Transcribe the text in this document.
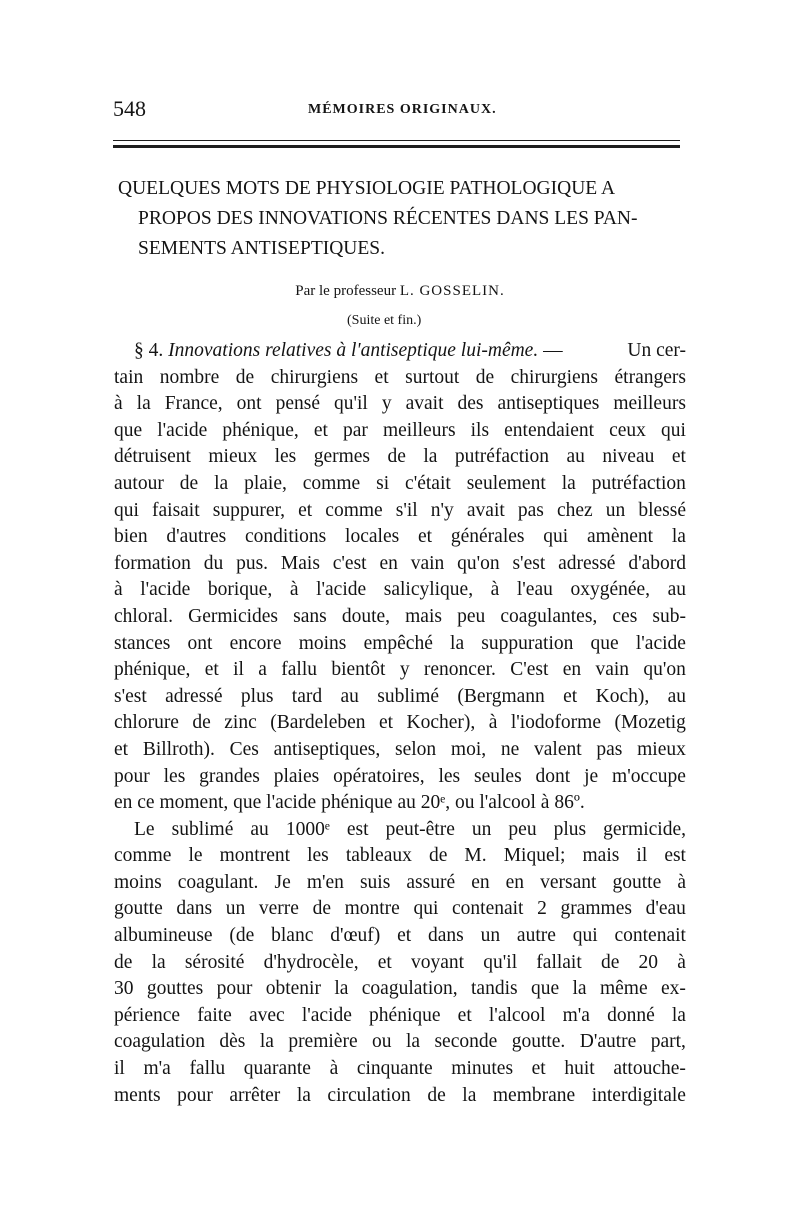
548	MÉMOIRES ORIGINAUX.
QUELQUES MOTS DE PHYSIOLOGIE PATHOLOGIQUE A
PROPOS DES INNOVATIONS RÉCENTES DANS LES PAN-
SEMENTS ANTISEPTIQUES.
Par le professeur L. GOSSELIN.
(Suite et fin.)
§ 4. Innovations relatives à l'antiseptique lui-même. —	Un cer-
tain nombre de chirurgiens et surtout de chirurgiens étrangers
à la France, ont pensé qu'il y avait des antiseptiques meilleurs
que l'acide phénique, et par meilleurs ils entendaient ceux qui
détruisent mieux les germes de la putréfaction au niveau et
autour de la plaie, comme si c'était seulement la putréfaction
qui faisait suppurer, et comme s'il n'y avait pas chez un blessé
bien d'autres conditions locales et générales qui amènent la
formation du pus. Mais c'est en vain qu'on s'est adressé d'abord
à l'acide borique, à l'acide salicylique, à l'eau oxygénée, au
chloral. Germicides sans doute, mais peu coagulantes, ces sub-
stances ont encore moins empêché la suppuration que l'acide
phénique, et il a fallu bientôt y renoncer. C'est en vain qu'on
s'est adressé plus tard au sublimé (Bergmann et Koch), au
chlorure de zinc (Bardeleben et Kocher), à l'iodoforme (Mozetig
et Billroth). Ces antiseptiques, selon moi, ne valent pas mieux
pour les grandes plaies opératoires, les seules dont je m'occupe
en ce moment, que l'acide phénique au 20ᵉ, ou l'alcool à 86º.
Le sublimé au 1000ᵉ est peut-être un peu plus germicide,
comme le montrent les tableaux de M. Miquel; mais il est
moins coagulant. Je m'en suis assuré en en versant goutte à
goutte dans un verre de montre qui contenait 2 grammes d'eau
albumineuse (de blanc d'œuf) et dans un autre qui contenait
de la sérosité d'hydrocèle, et voyant qu'il fallait de 20 à
30 gouttes pour obtenir la coagulation, tandis que la même ex-
périence faite avec l'acide phénique et l'alcool m'a donné la
coagulation dès la première ou la seconde goutte. D'autre part,
il m'a fallu quarante à cinquante minutes et huit attouche-
ments pour arrêter la circulation de la membrane interdigitale
